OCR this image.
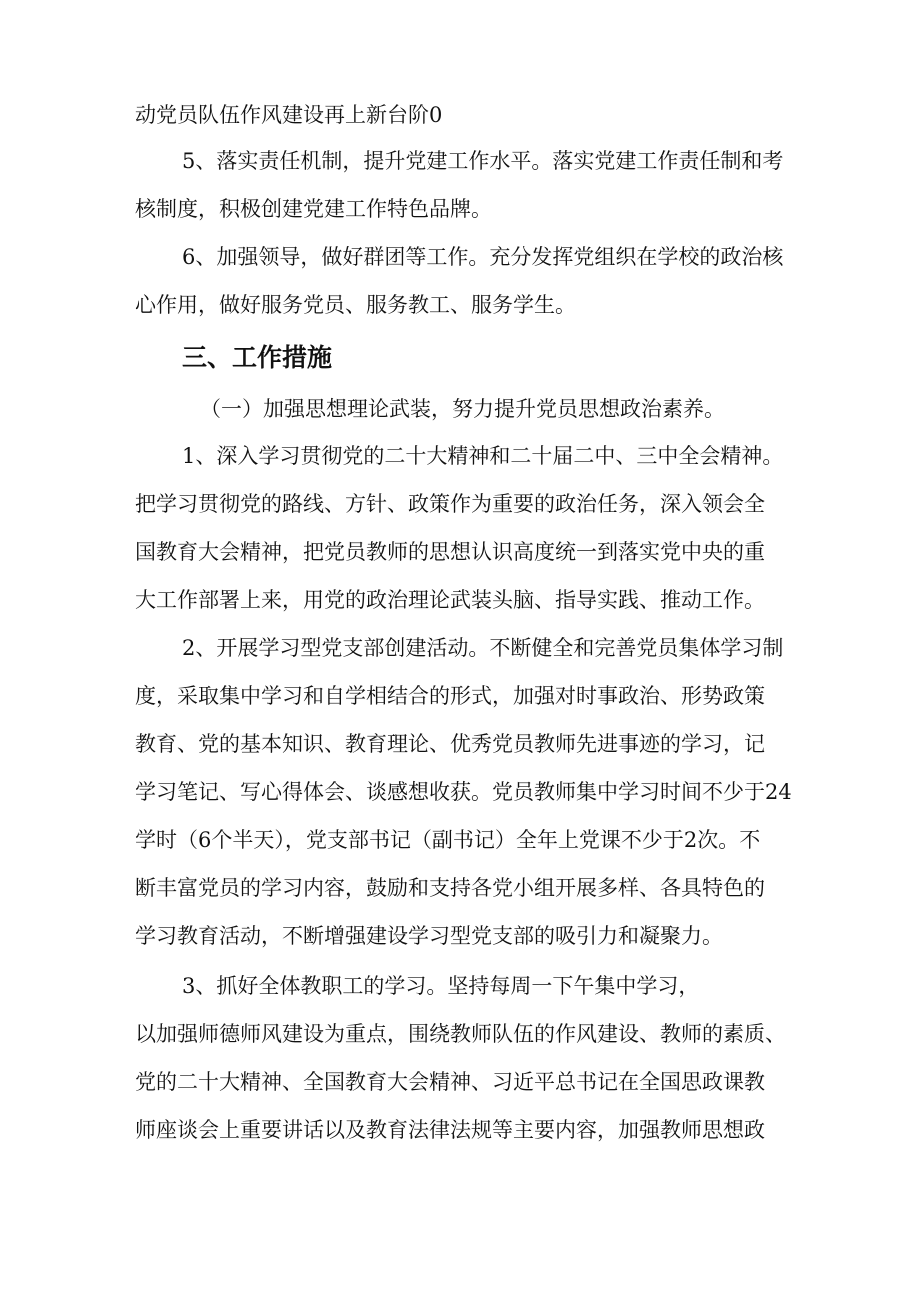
动党员队伍作风建设再上新台阶0
5、落实责任机制，提升党建工作水平。落实党建工作责任制和考
核制度，积极创建党建工作特色品牌。
6、加强领导，做好群团等工作。充分发挥党组织在学校的政治核
心作用，做好服务党员、服务教工、服务学生。
三、工作措施
（一）加强思想理论武装，努力提升党员思想政治素养。
1、深入学习贯彻党的二十大精神和二十届二中、三中全会精神。
把学习贯彻党的路线、方针、政策作为重要的政治任务，深入领会全
国教育大会精神，把党员教师的思想认识高度统一到落实党中央的重
大工作部署上来，用党的政治理论武装头脑、指导实践、推动工作。
2、开展学习型党支部创建活动。不断健全和完善党员集体学习制
度，采取集中学习和自学相结合的形式，加强对时事政治、形势政策
教育、党的基本知识、教育理论、优秀党员教师先进事迹的学习，记
学习笔记、写心得体会、谈感想收获。党员教师集中学习时间不少于24
学时（6个半天），党支部书记（副书记）全年上党课不少于2次。不
断丰富党员的学习内容，鼓励和支持各党小组开展多样、各具特色的
学习教育活动，不断增强建设学习型党支部的吸引力和凝聚力。
3、抓好全体教职工的学习。坚持每周一下午集中学习，
以加强师德师风建设为重点，围绕教师队伍的作风建设、教师的素质、
党的二十大精神、全国教育大会精神、习近平总书记在全国思政课教
师座谈会上重要讲话以及教育法律法规等主要内容，加强教师思想政
